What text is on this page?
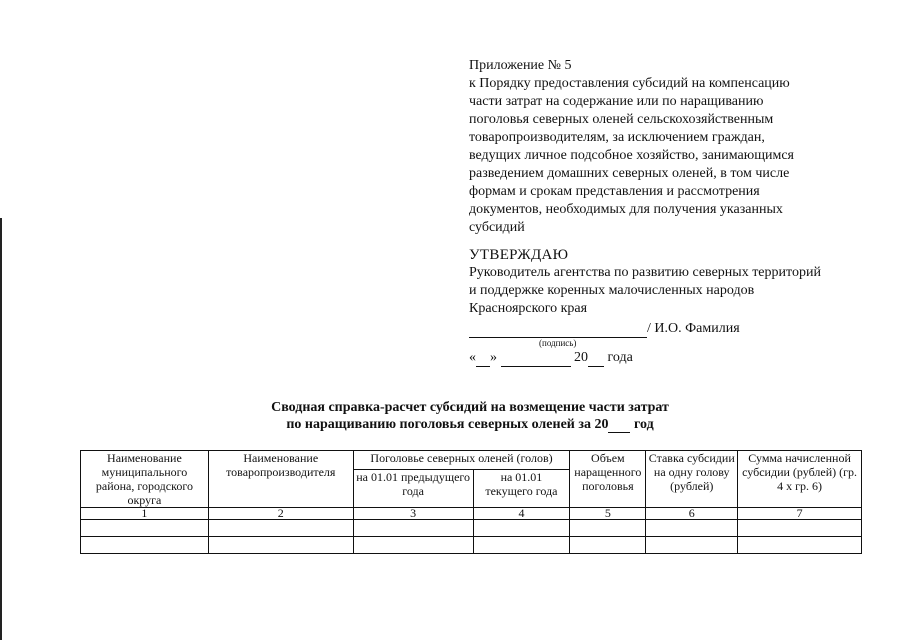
Приложение № 5
к Порядку предоставления субсидий на компенсацию
части затрат на содержание или по наращиванию
поголовья северных оленей сельскохозяйственным
товаропроизводителям, за исключением граждан,
ведущих личное подсобное хозяйство, занимающимся
разведением домашних северных оленей, в том числе
формам и срокам представления и рассмотрения
документов, необходимых для получения указанных
субсидий
УТВЕРЖДАЮ
Руководитель агентства по развитию северных территорий
и поддержке коренных малочисленных народов
Красноярского края
/ И.О. Фамилия
(подпись)
« »	20 года
Сводная справка-расчет субсидий на возмещение части затрат
по наращиванию поголовья северных оленей за 20 год
Наименование муниципального района, городского округа	Наименование товаропроизводителя	Поголовье северных оленей (голов)		Объем наращенного поголовья	Ставка субсидии на одну голову (рублей)	Сумма начисленной субсидии (рублей) (гр. 4 х гр. 6)
		на 01.01 предыдущего года	на 01.01 текущего года			
1	2	3	4	5	6	7
